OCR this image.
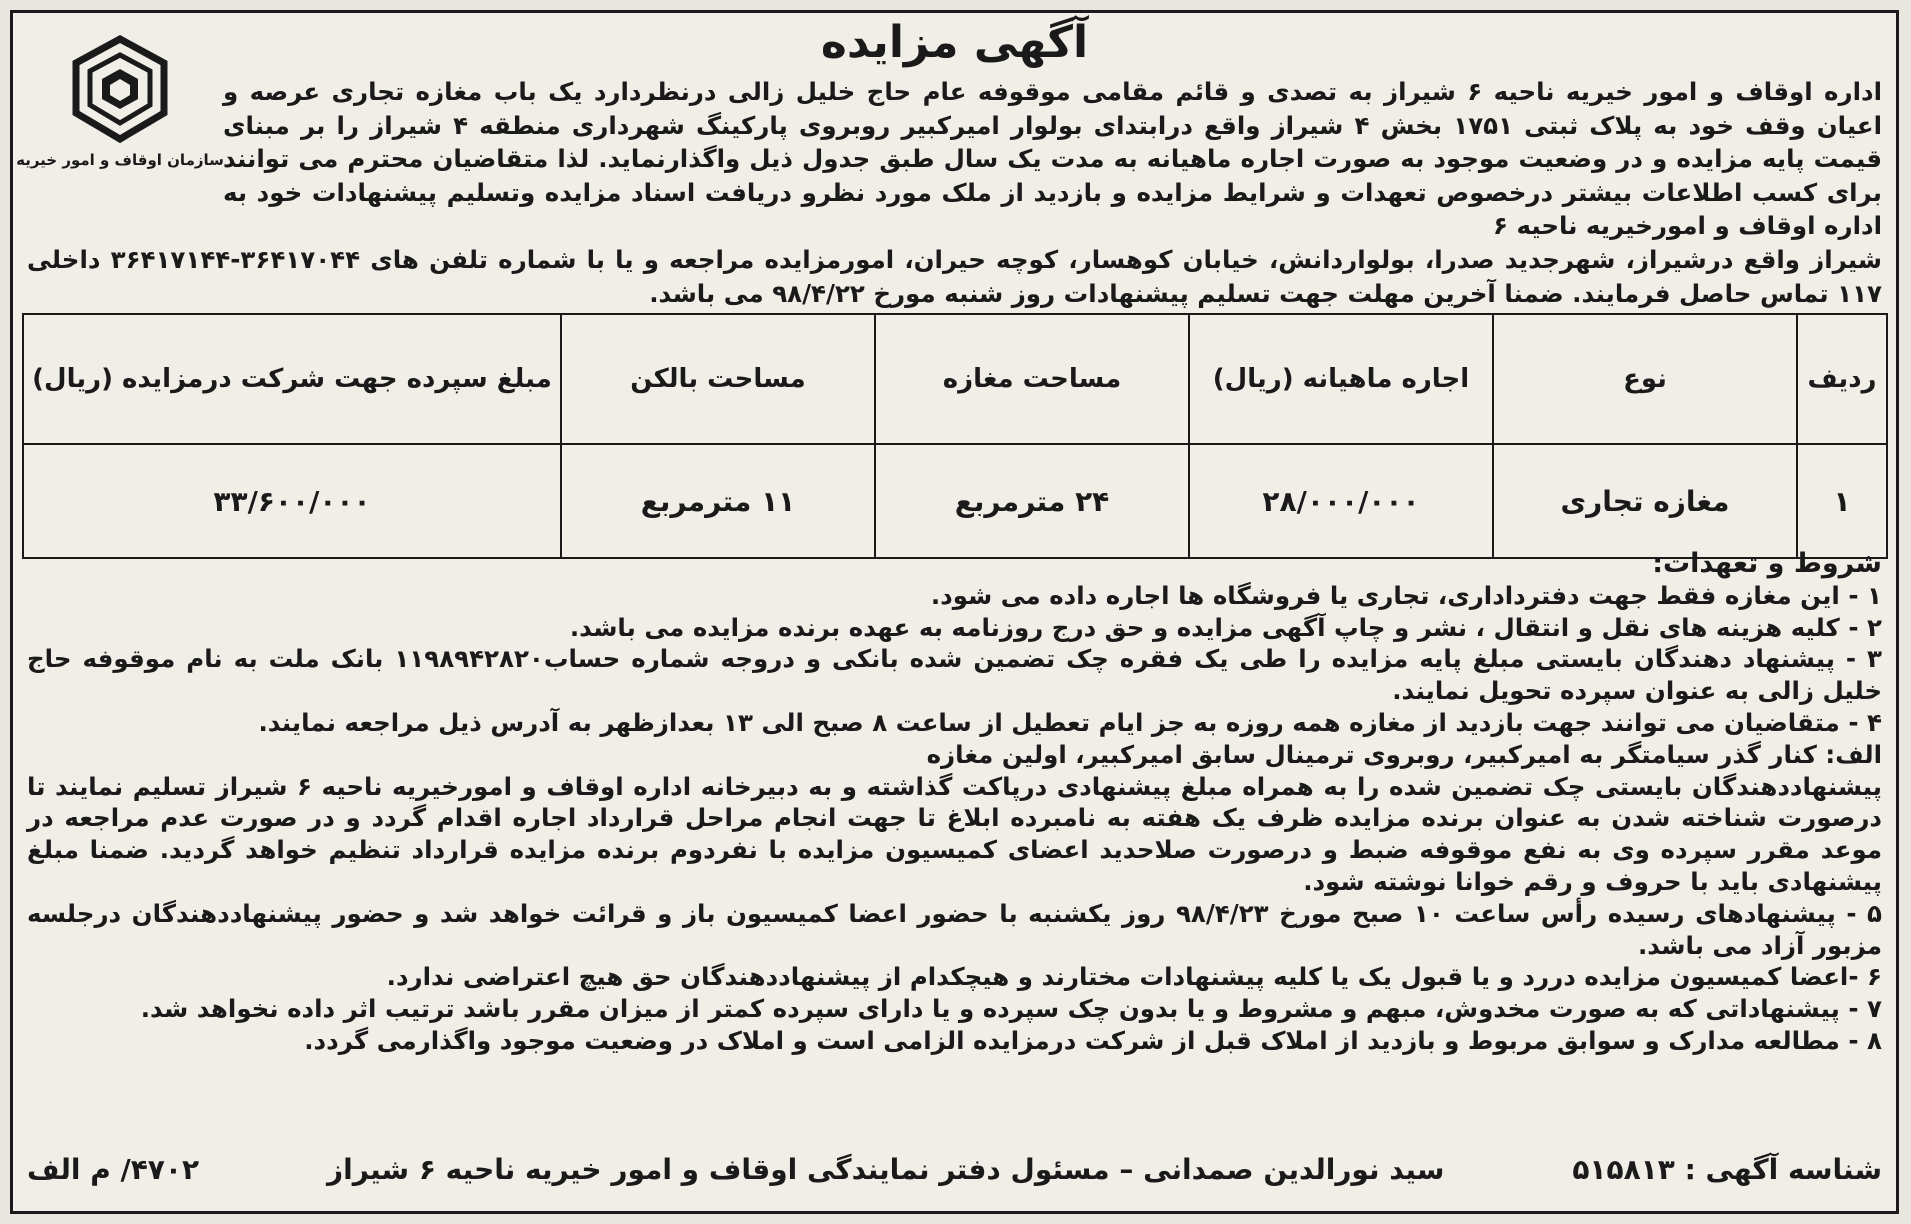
سازمان اوقاف و امور خیریه
آگهی مزایده
اداره اوقاف و امور خیریه ناحیه ۶ شیراز به تصدی و قائم مقامی موقوفه عام حاج خلیل زالی درنظردارد یک باب مغازه تجاری عرصه و اعیان وقف خود به پلاک ثبتی ۱۷۵۱ بخش ۴ شیراز واقع درابتدای بولوار امیرکبیر روبروی پارکینگ شهرداری منطقه ۴ شیراز را بر مبنای قیمت پایه مزایده و در وضعیت موجود به صورت اجاره ماهیانه به مدت یک سال طبق جدول ذیل واگذارنماید. لذا متقاضیان محترم می توانند برای کسب اطلاعات بیشتر درخصوص تعهدات و شرایط مزایده و بازدید از ملک مورد نظرو دریافت اسناد مزایده وتسلیم پیشنهادات خود به اداره اوقاف و امورخیریه ناحیه ۶
شیراز واقع درشیراز، شهرجدید صدرا، بولواردانش، خیابان کوهسار، کوچه حیران، امورمزایده مراجعه و یا با شماره تلفن های ۳۶۴۱۷۰۴۴-۳۶۴۱۷۱۴۴ داخلی ۱۱۷ تماس حاصل فرمایند. ضمنا آخرین مهلت جهت تسلیم پیشنهادات روز شنبه مورخ ۹۸/۴/۲۲ می باشد.
ردیف	نوع	اجاره ماهیانه (ریال)	مساحت مغازه	مساحت بالکن	مبلغ سپرده جهت شرکت درمزایده (ریال)
۱	مغازه تجاری	۲۸/۰۰۰/۰۰۰	۲۴ مترمربع	۱۱ مترمربع	۳۳/۶۰۰/۰۰۰
شروط و تعهدات:

۱ - این مغازه فقط جهت دفترداداری، تجاری یا فروشگاه ها اجاره داده می شود.

۲ - کلیه هزینه های نقل و انتقال ، نشر و چاپ آگهی مزایده و حق درج روزنامه به عهده برنده مزایده می باشد.

۳ - پیشنهاد دهندگان بایستی مبلغ پایه مزایده را طی یک فقره چک تضمین شده بانکی و دروجه شماره حساب۱۱۹۸۹۴۲۸۲۰ بانک ملت به نام موقوفه حاج خلیل زالی به عنوان سپرده تحویل نمایند.

۴ - متقاضیان می توانند جهت بازدید از مغازه همه روزه به جز ایام تعطیل از ساعت ۸ صبح الی ۱۳ بعدازظهر به آدرس ذیل مراجعه نمایند.

الف: کنار گذر سیامتگر به امیرکبیر، روبروی ترمینال سابق امیرکبیر، اولین مغازه

پیشنهاددهندگان بایستی چک تضمین شده را به همراه مبلغ پیشنهادی درپاکت گذاشته و به دبیرخانه اداره اوقاف و امورخیریه ناحیه ۶ شیراز تسلیم نمایند تا درصورت شناخته شدن به عنوان برنده مزایده ظرف یک هفته به نامبرده ابلاغ تا جهت انجام مراحل قرارداد اجاره اقدام گردد و در صورت عدم مراجعه در موعد مقرر سپرده وی به نفع موقوفه ضبط و درصورت صلاحدید اعضای کمیسیون مزایده با نفردوم برنده مزایده قرارداد تنظیم خواهد گردید. ضمنا مبلغ پیشنهادی باید با حروف و رقم خوانا نوشته شود.

۵ - پیشنهادهای رسیده رأس ساعت ۱۰ صبح مورخ ۹۸/۴/۲۳ روز یکشنبه با حضور اعضا کمیسیون باز و قرائت خواهد شد و حضور پیشنهاددهندگان درجلسه مزبور آزاد می باشد.

۶ -اعضا کمیسیون مزایده دررد و یا قبول یک یا کلیه پیشنهادات مختارند و هیچکدام از پیشنهاددهندگان حق هیچ اعتراضی ندارد.

۷ - پیشنهاداتی که به صورت مخدوش، مبهم و مشروط و یا بدون چک سپرده و یا دارای سپرده کمتر از میزان مقرر باشد ترتیب اثر داده نخواهد شد.

۸ - مطالعه مدارک و سوابق مربوط و بازدید از املاک قبل از شرکت درمزایده الزامی است و املاک در وضعیت موجود واگذارمی گردد.

شناسه آگهی : ۵۱۵۸۱۳
سید نورالدین صمدانی – مسئول دفتر نمایندگی اوقاف و امور خیریه ناحیه ۶ شیراز
۴۷۰۲/ م الف
